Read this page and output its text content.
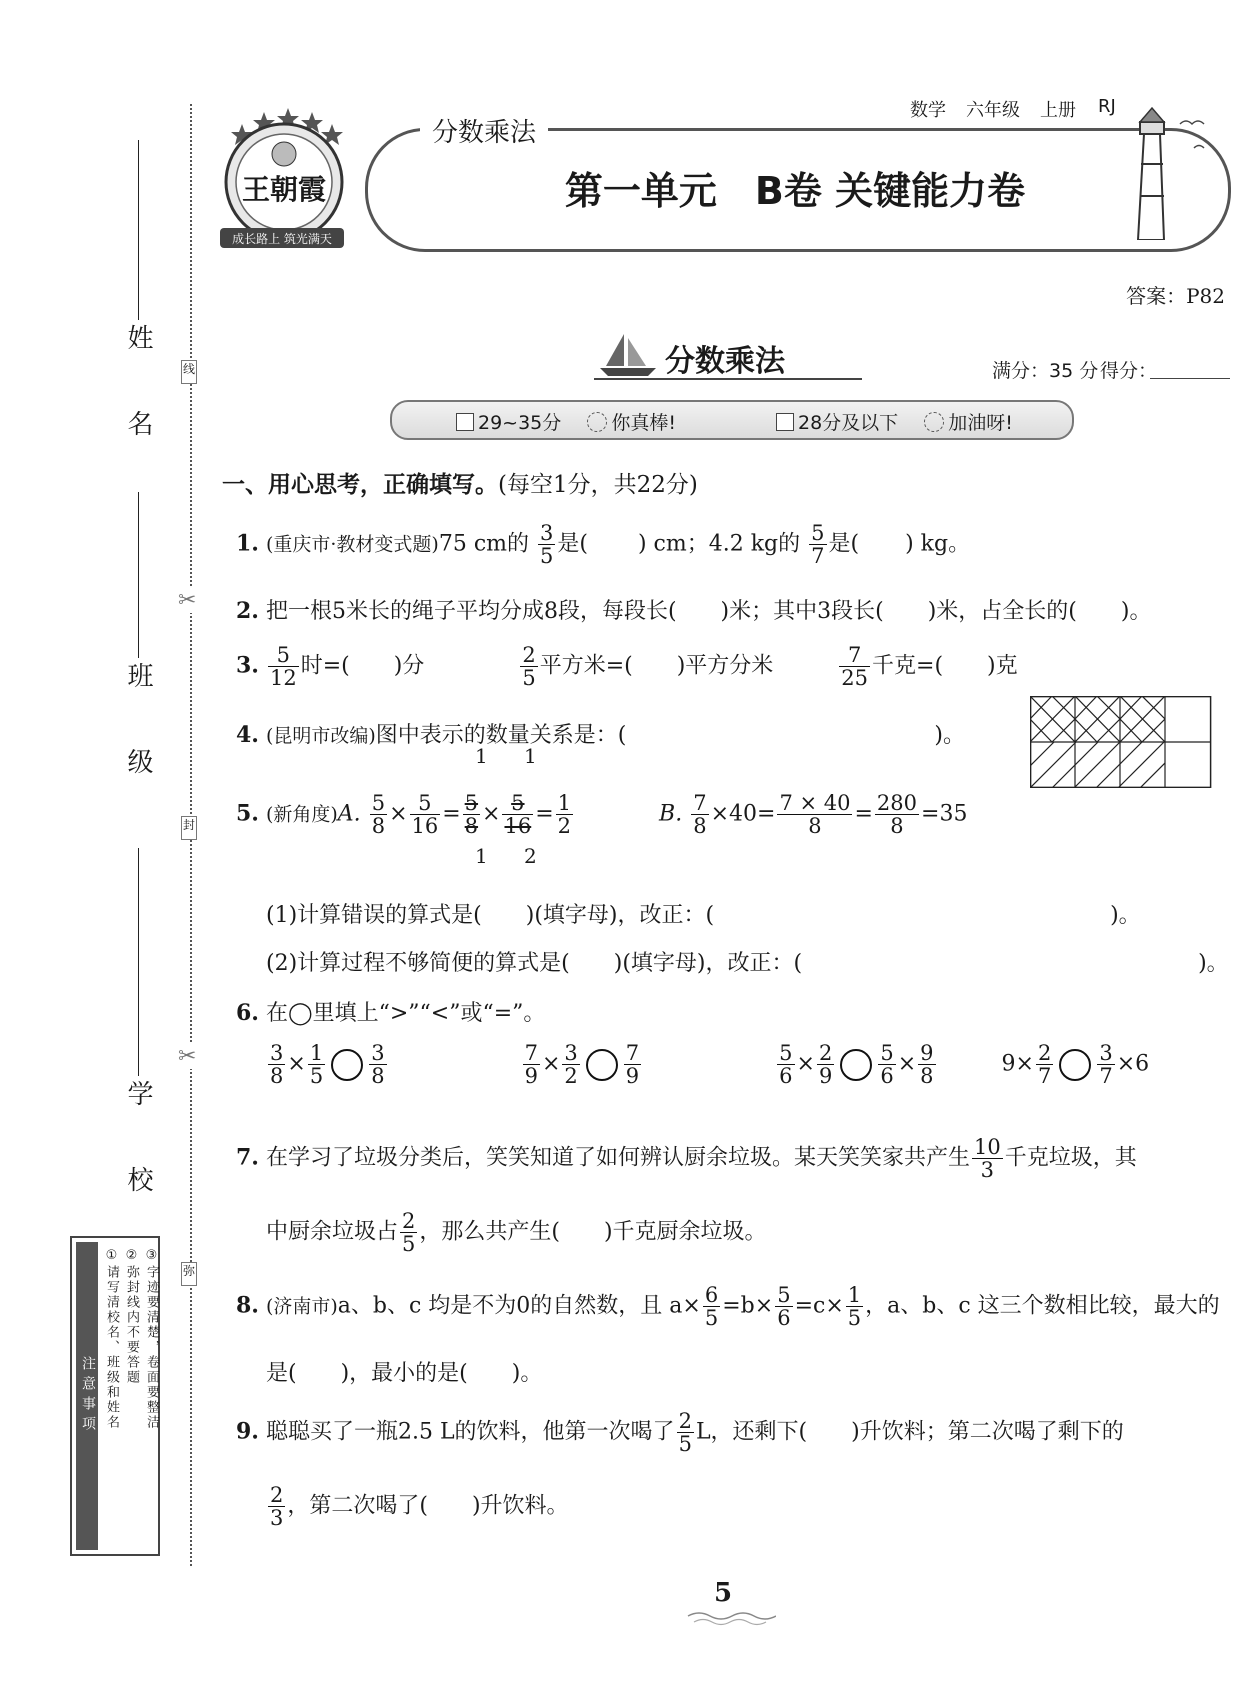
姓 名
班 级
学 校
线
✂
封
✂
弥
注意事项 ①请写清校名、班级和姓名 ②弥封线内不要答题 ③字迹要清楚，卷面要整洁
王朝霞
成长路上 筑光满天
分数乘法
第一单元　B卷 关键能力卷
数学 六年级 上册 RJ
答案：P82
分数乘法	满分：35 分 得分：
29~35分	你真棒!	28分及以下	加油呀!
一、用心思考，正确填写。(每空1分，共22分)
1. (重庆市·教材变式题)75 cm的 $\frac{3}{5}$ 是( ) cm；4.2 kg的 $\frac{5}{7}$ 是( ) kg。
2. 把一根5米长的绳子平均分成8段，每段长(　　)米；其中3段长(　　)米，占全长的(　　)。
3. $\frac{5}{12}$ 时=(　　)分	$\frac{2}{5}$ 平方米=(　　)平方分米	$\frac{7}{25}$ 千克=(　　)克
4. (昆明市改编)图中表示的数量关系是：(　　　　　　　　　　　　　　)。
5. (新角度)A. $\frac{5}{8} \times \frac{5}{16} = \frac{5}{8} \times \frac{5}{16} = \frac{1}{2}$	B. $\frac{7}{8} \times 40= \frac{7 \times 40}{8} = \frac{280}{8} =35$
1 1
1 2
(1)计算错误的算式是(　　)(填字母)，改正：(　　　　　　　　　　　　　　　　　　)。
(2)计算过程不够简便的算式是(　　)(填字母)，改正：(　　　　　　　　　　　　　　　　　　)。
6. 在◯里填上“>”“<”或“=”。
$\frac{3}{8} \times \frac{1}{5} \frac{3}{8}$
	$\frac{7}{9} \times \frac{3}{2} \frac{7}{9}$
	$\frac{5}{6} \times \frac{2}{9} \frac{5}{6} \times \frac{9}{8}$	$9\times \frac{2}{7} \frac{3}{7} \times 6$
7. 在学习了垃圾分类后，笑笑知道了如何辨认厨余垃圾。某天笑笑家共产生 $\frac{10}{3}$ 千克垃圾，其
中厨余垃圾占 $\frac{2}{5}$ ，那么共产生(　　)千克厨余垃圾。
8. (济南市)a、b、c 均是不为0的自然数，且 $a\times \frac{6}{5} =b\times \frac{5}{6} =c\times \frac{1}{5}$ ，a、b、c 这三个数相比较，最大的
是(　　)，最小的是(　　)。
9. 聪聪买了一瓶2.5 L的饮料，他第一次喝了 $\frac{2}{5}$ L，还剩下(　　)升饮料；第二次喝了剩下的
$\frac{2}{3}$ ，第二次喝了(　　)升饮料。
5
